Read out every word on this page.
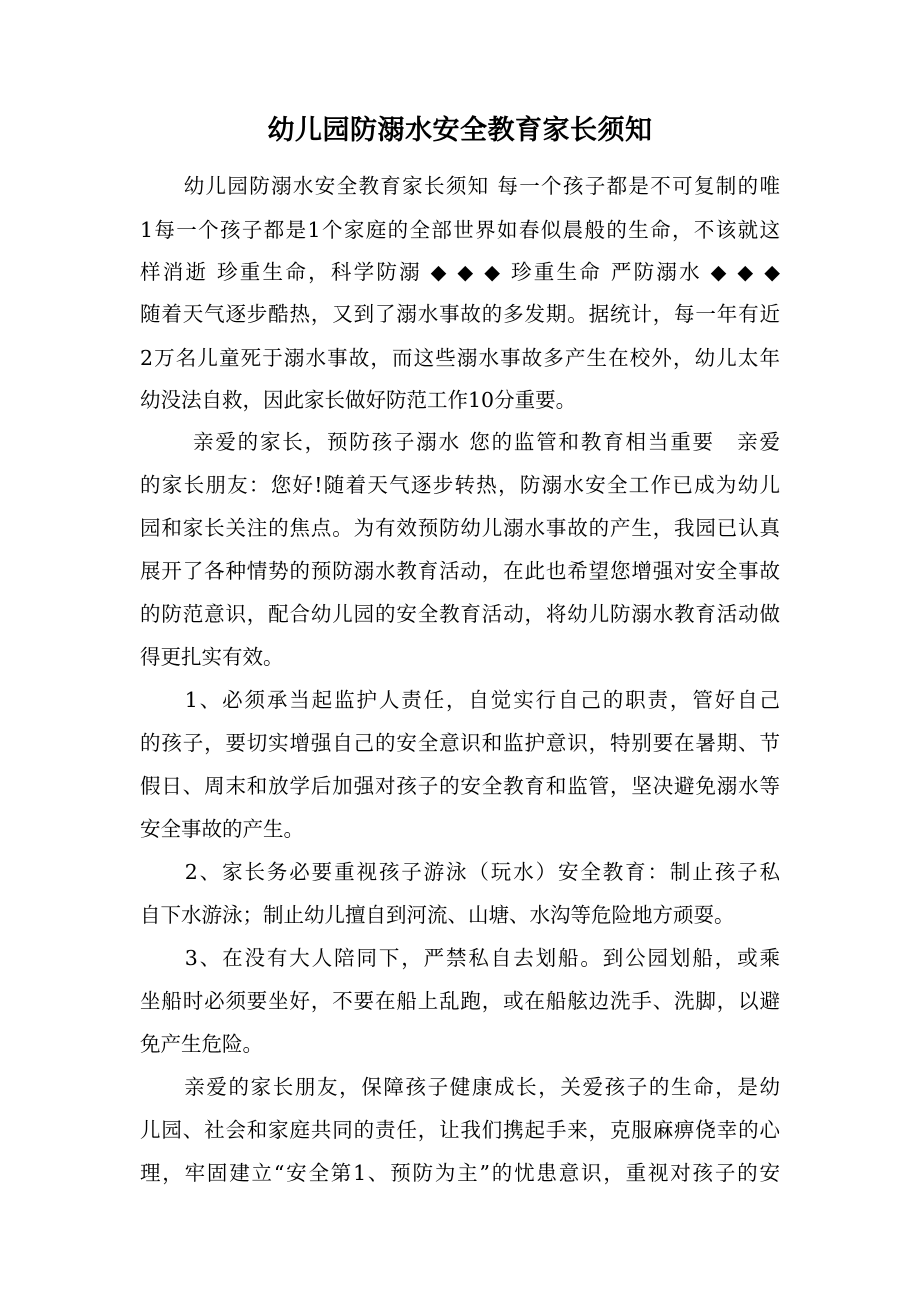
幼儿园防溺水安全教育家长须知

　　幼儿园防溺水安全教育家长须知 每一个孩子都是不可复制的唯

1每一个孩子都是1个家庭的全部世界如春似晨般的生命，不该就这

样消逝 珍重生命，科学防溺 ◆ ◆ ◆ 珍重生命 严防溺水 ◆ ◆ ◆

随着天气逐步酷热，又到了溺水事故的多发期。据统计，每一年有近

2万名儿童死于溺水事故，而这些溺水事故多产生在校外，幼儿太年

幼没法自救，因此家长做好防范工作10分重要。

　　 亲爱的家长，预防孩子溺水 您的监管和教育相当重要　亲爱

的家长朋友：您好!随着天气逐步转热，防溺水安全工作已成为幼儿

园和家长关注的焦点。为有效预防幼儿溺水事故的产生，我园已认真

展开了各种情势的预防溺水教育活动，在此也希望您增强对安全事故

的防范意识，配合幼儿园的安全教育活动，将幼儿防溺水教育活动做

得更扎实有效。

　　1、必须承当起监护人责任，自觉实行自己的职责，管好自己

的孩子，要切实增强自己的安全意识和监护意识，特别要在暑期、节

假日、周末和放学后加强对孩子的安全教育和监管，坚决避免溺水等

安全事故的产生。

　　2、家长务必要重视孩子游泳（玩水）安全教育：制止孩子私

自下水游泳；制止幼儿擅自到河流、山塘、水沟等危险地方顽耍。

　　3、在没有大人陪同下，严禁私自去划船。到公园划船，或乘

坐船时必须要坐好，不要在船上乱跑，或在船舷边洗手、洗脚，以避

免产生危险。

　　亲爱的家长朋友，保障孩子健康成长，关爱孩子的生命，是幼

儿园、社会和家庭共同的责任，让我们携起手来，克服麻痹侥幸的心

理，牢固建立“安全第1、预防为主”的忧患意识，重视对孩子的安
